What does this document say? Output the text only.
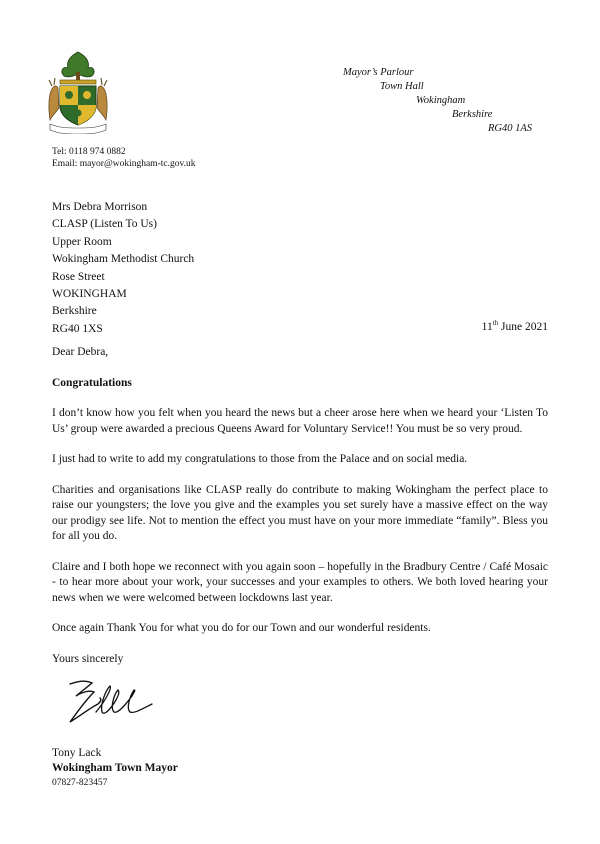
Mayor’s Parlour
Town Hall
Wokingham
Berkshire
RG40 1AS
Tel: 0118 974 0882
Email: mayor@wokingham-tc.gov.uk
Mrs Debra Morrison
CLASP (Listen To Us)
Upper Room
Wokingham Methodist Church
Rose Street
WOKINGHAM
Berkshire
RG40 1XS	11th June 2021

Dear Debra,

Congratulations

I don’t know how you felt when you heard the news but a cheer arose here when we heard your ‘Listen To Us’ group were awarded a precious Queens Award for Voluntary Service!! You must be so very proud.

I just had to write to add my congratulations to those from the Palace and on social media.

Charities and organisations like CLASP really do contribute to making Wokingham the perfect place to raise our youngsters; the love you give and the examples you set surely have a massive effect on the way our prodigy see life. Not to mention the effect you must have on your more immediate “family”. Bless you for all you do.

Claire and I both hope we reconnect with you again soon – hopefully in the Bradbury Centre / Café Mosaic - to hear more about your work, your successes and your examples to others. We both loved hearing your news when we were welcomed between lockdowns last year.

Once again Thank You for what you do for our Town and our wonderful residents.

Yours sincerely

Tony Lack
Wokingham Town Mayor
07827-823457
